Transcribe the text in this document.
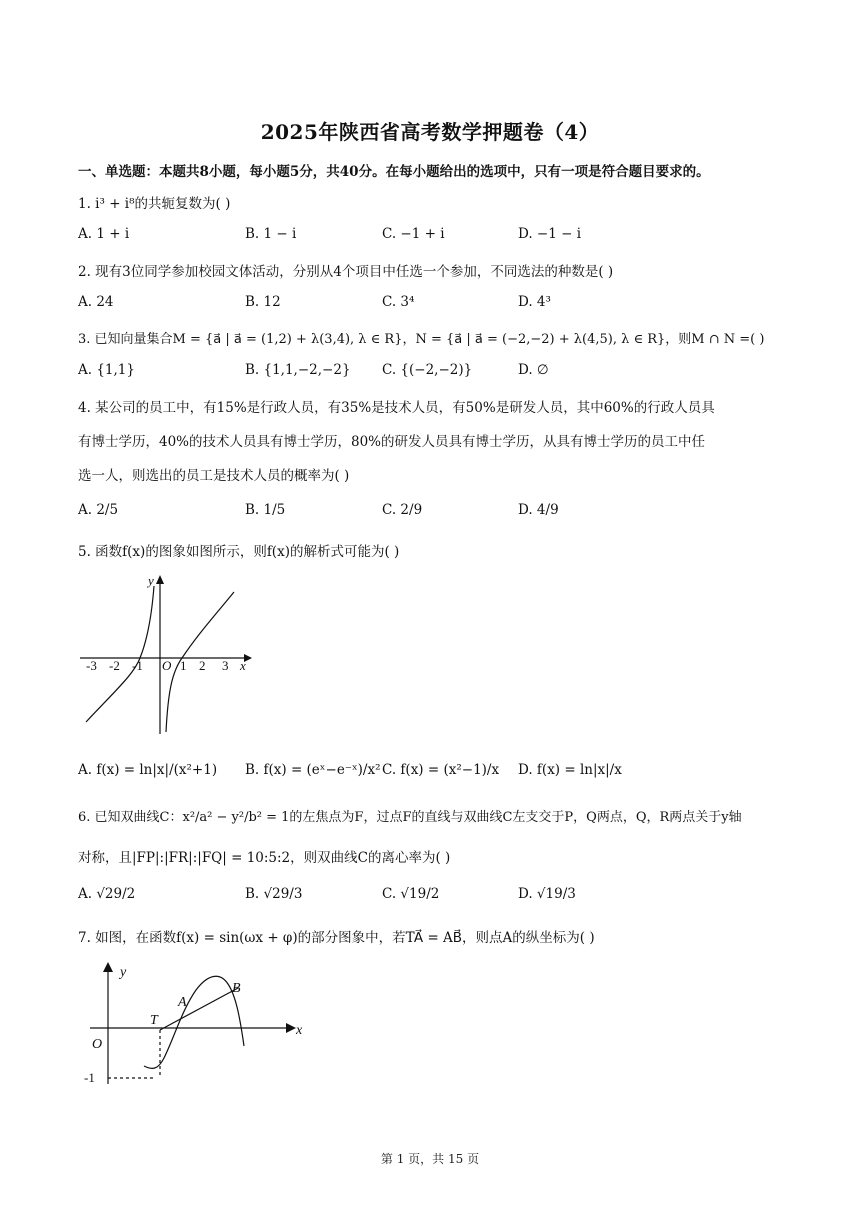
2025年陕西省高考数学押题卷（4）
一、单选题：本题共8小题，每小题5分，共40分。在每小题给出的选项中，只有一项是符合题目要求的。
1. i³ + i⁸的共轭复数为( )
A. 1 + i	B. 1 − i	C. −1 + i	D. −1 − i
2. 现有3位同学参加校园文体活动，分别从4个项目中任选一个参加，不同选法的种数是( )
A. 24	B. 12	C. 3⁴	D. 4³
3. 已知向量集合M = {a⃗ | a⃗ = (1,2) + λ(3,4), λ ∈ R}，N = {a⃗ | a⃗ = (−2,−2) + λ(4,5), λ ∈ R}，则M ∩ N =( )
A. {1,1}	B. {1,1,−2,−2} C. {(−2,−2)}	D. ∅
4. 某公司的员工中，有15%是行政人员，有35%是技术人员，有50%是研发人员，其中60%的行政人员具
有博士学历，40%的技术人员具有博士学历，80%的研发人员具有博士学历，从具有博士学历的员工中任
选一人，则选出的员工是技术人员的概率为( )
A. 2/5	B. 1/5	C. 2/9	D. 4/9
5. 函数f(x)的图象如图所示，则f(x)的解析式可能为( )
y
x
O
-3 -2 -1	1 2 3
A. f(x) = ln|x|/(x²+1) B. f(x) = (eˣ−e⁻ˣ)/x² C. f(x) = (x²−1)/x D. f(x) = ln|x|/x
6. 已知双曲线C：x²/a² − y²/b² = 1的左焦点为F，过点F的直线与双曲线C左支交于P，Q两点，Q，R两点关于y轴
对称，且|FP|:|FR|:|FQ| = 10:5:2，则双曲线C的离心率为( )
A. √29/2	B. √29/3	C. √19/2	D. √19/3
7. 如图，在函数f(x) = sin(ωx + φ)的部分图象中，若TA⃗ = AB⃗，则点A的纵坐标为( )
y
x
O
T
A
B
-1
第 1 页，共 15 页
